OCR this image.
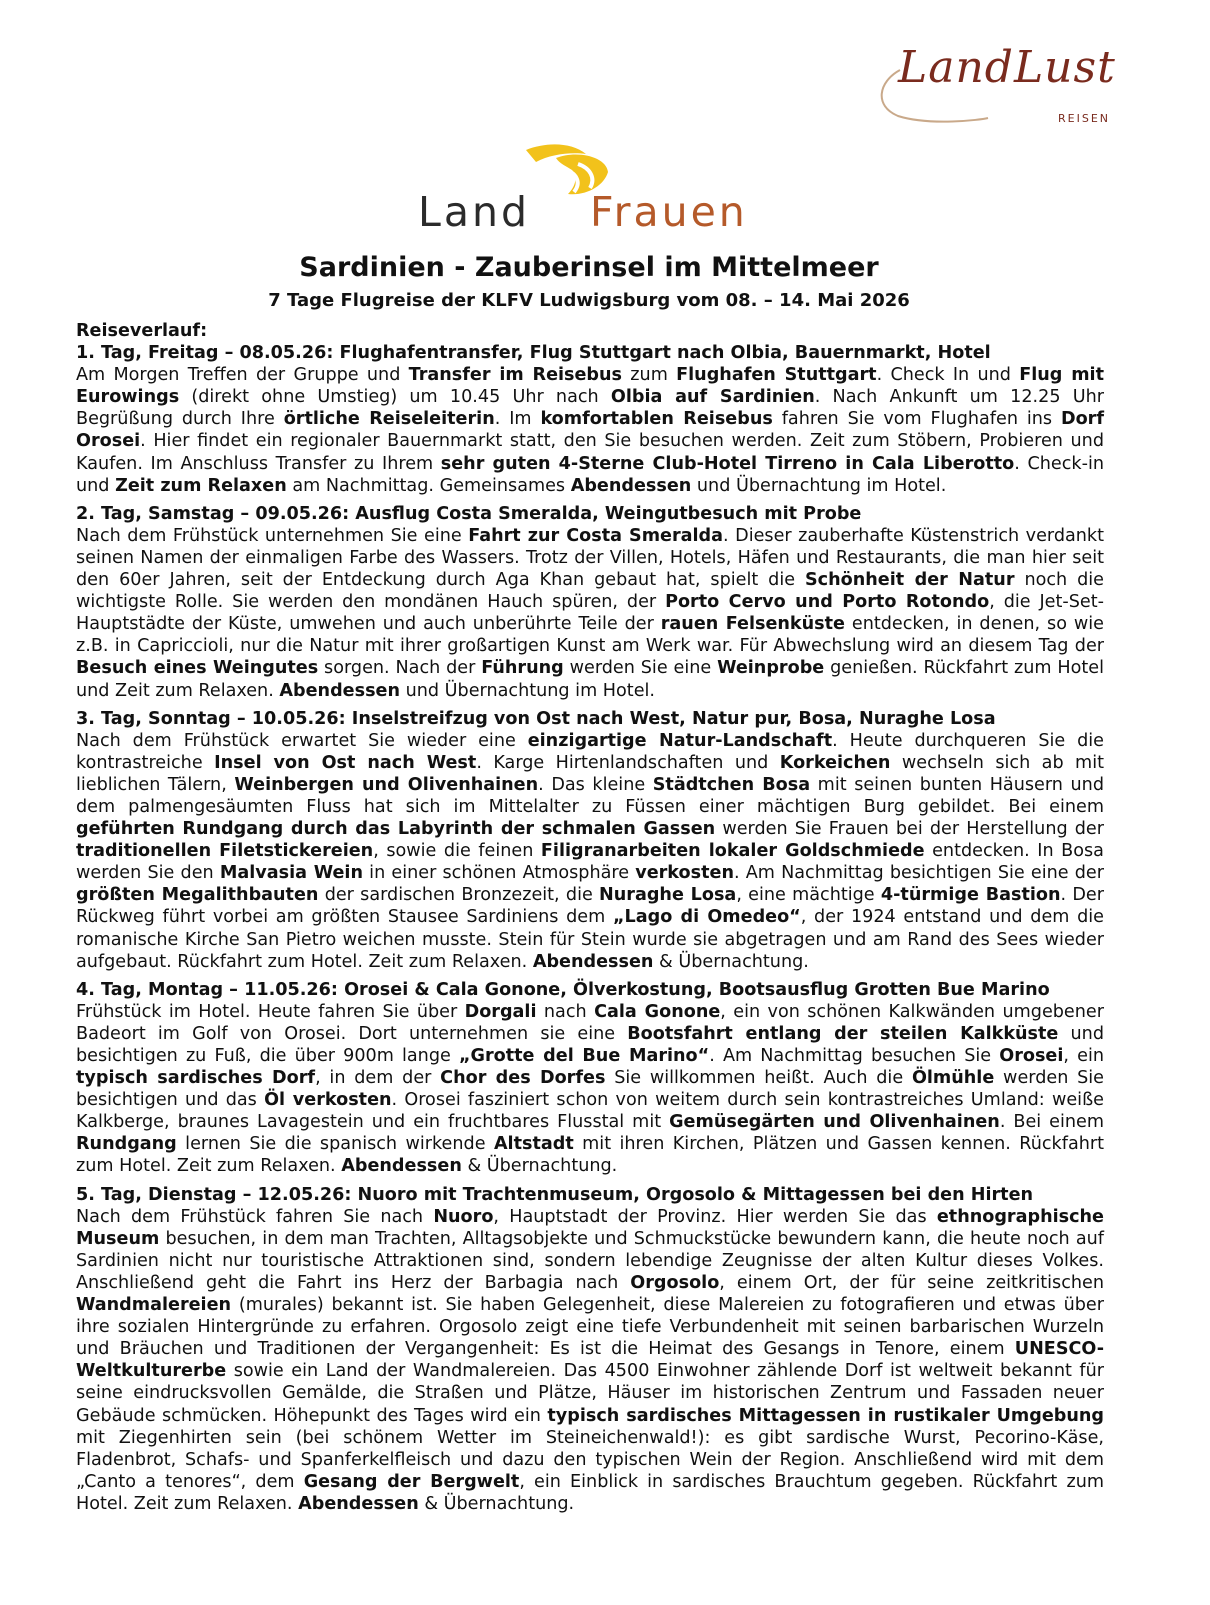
LandLust
REISEN
Land Frauen
Sardinien - Zauberinsel im Mittelmeer
7 Tage Flugreise der KLFV Ludwigsburg vom 08. – 14. Mai 2026

Reiseverlauf:

1. Tag, Freitag – 08.05.26: Flughafentransfer, Flug Stuttgart nach Olbia, Bauernmarkt, Hotel

Am Morgen Treffen der Gruppe und Transfer im Reisebus zum Flughafen Stuttgart. Check In und Flug mit Eurowings (direkt ohne Umstieg) um 10.45 Uhr nach Olbia auf Sardinien. Nach Ankunft um 12.25 Uhr Begrüßung durch Ihre örtliche Reiseleiterin. Im komfortablen Reisebus fahren Sie vom Flughafen ins Dorf Orosei. Hier findet ein regionaler Bauernmarkt statt, den Sie besuchen werden. Zeit zum Stöbern, Probieren und Kaufen. Im Anschluss Transfer zu Ihrem sehr guten 4-Sterne Club-Hotel Tirreno in Cala Liberotto. Check-in und Zeit zum Relaxen am Nachmittag. Gemeinsames Abendessen und Übernachtung im Hotel.

2. Tag, Samstag – 09.05.26: Ausflug Costa Smeralda, Weingutbesuch mit Probe

Nach dem Frühstück unternehmen Sie eine Fahrt zur Costa Smeralda. Dieser zauberhafte Küstenstrich verdankt seinen Namen der einmaligen Farbe des Wassers. Trotz der Villen, Hotels, Häfen und Restaurants, die man hier seit den 60er Jahren, seit der Entdeckung durch Aga Khan gebaut hat, spielt die Schönheit der Natur noch die wichtigste Rolle. Sie werden den mondänen Hauch spüren, der Porto Cervo und Porto Rotondo, die Jet-Set-Hauptstädte der Küste, umwehen und auch unberührte Teile der rauen Felsenküste entdecken, in denen, so wie z.B. in Capriccioli, nur die Natur mit ihrer großartigen Kunst am Werk war. Für Abwechslung wird an diesem Tag der Besuch eines Weingutes sorgen. Nach der Führung werden Sie eine Weinprobe genießen. Rückfahrt zum Hotel und Zeit zum Relaxen. Abendessen und Übernachtung im Hotel.

3. Tag, Sonntag – 10.05.26: Inselstreifzug von Ost nach West, Natur pur, Bosa, Nuraghe Losa

Nach dem Frühstück erwartet Sie wieder eine einzigartige Natur-Landschaft. Heute durchqueren Sie die kontrastreiche Insel von Ost nach West. Karge Hirtenlandschaften und Korkeichen wechseln sich ab mit lieblichen Tälern, Weinbergen und Olivenhainen. Das kleine Städtchen Bosa mit seinen bunten Häusern und dem palmengesäumten Fluss hat sich im Mittelalter zu Füssen einer mächtigen Burg gebildet. Bei einem geführten Rundgang durch das Labyrinth der schmalen Gassen werden Sie Frauen bei der Herstellung der traditionellen Filetstickereien, sowie die feinen Filigranarbeiten lokaler Goldschmiede entdecken. In Bosa werden Sie den Malvasia Wein in einer schönen Atmosphäre verkosten. Am Nachmittag besichtigen Sie eine der größten Megalithbauten der sardischen Bronzezeit, die Nuraghe Losa, eine mächtige 4-türmige Bastion. Der Rückweg führt vorbei am größten Stausee Sardiniens dem „Lago di Omedeo“, der 1924 entstand und dem die romanische Kirche San Pietro weichen musste. Stein für Stein wurde sie abgetragen und am Rand des Sees wieder aufgebaut. Rückfahrt zum Hotel. Zeit zum Relaxen. Abendessen & Übernachtung.

4. Tag, Montag – 11.05.26: Orosei & Cala Gonone, Ölverkostung, Bootsausflug Grotten Bue Marino

Frühstück im Hotel. Heute fahren Sie über Dorgali nach Cala Gonone, ein von schönen Kalkwänden umgebener Badeort im Golf von Orosei. Dort unternehmen sie eine Bootsfahrt entlang der steilen Kalkküste und besichtigen zu Fuß, die über 900m lange „Grotte del Bue Marino“. Am Nachmittag besuchen Sie Orosei, ein typisch sardisches Dorf, in dem der Chor des Dorfes Sie willkommen heißt. Auch die Ölmühle werden Sie besichtigen und das Öl verkosten. Orosei fasziniert schon von weitem durch sein kontrastreiches Umland: weiße Kalkberge, braunes Lavagestein und ein fruchtbares Flusstal mit Gemüsegärten und Olivenhainen. Bei einem Rundgang lernen Sie die spanisch wirkende Altstadt mit ihren Kirchen, Plätzen und Gassen kennen. Rückfahrt zum Hotel. Zeit zum Relaxen. Abendessen & Übernachtung.

5. Tag, Dienstag – 12.05.26: Nuoro mit Trachtenmuseum, Orgosolo & Mittagessen bei den Hirten

Nach dem Frühstück fahren Sie nach Nuoro, Hauptstadt der Provinz. Hier werden Sie das ethnographische Museum besuchen, in dem man Trachten, Alltagsobjekte und Schmuckstücke bewundern kann, die heute noch auf Sardinien nicht nur touristische Attraktionen sind, sondern lebendige Zeugnisse der alten Kultur dieses Volkes. Anschließend geht die Fahrt ins Herz der Barbagia nach Orgosolo, einem Ort, der für seine zeitkritischen Wandmalereien (murales) bekannt ist. Sie haben Gelegenheit, diese Malereien zu fotografieren und etwas über ihre sozialen Hintergründe zu erfahren. Orgosolo zeigt eine tiefe Verbundenheit mit seinen barbarischen Wurzeln und Bräuchen und Traditionen der Vergangenheit: Es ist die Heimat des Gesangs in Tenore, einem UNESCO-Weltkulturerbe sowie ein Land der Wandmalereien. Das 4500 Einwohner zählende Dorf ist weltweit bekannt für seine eindrucksvollen Gemälde, die Straßen und Plätze, Häuser im historischen Zentrum und Fassaden neuer Gebäude schmücken. Höhepunkt des Tages wird ein typisch sardisches Mittagessen in rustikaler Umgebung mit Ziegenhirten sein (bei schönem Wetter im Steineichenwald!): es gibt sardische Wurst, Pecorino-Käse, Fladenbrot, Schafs- und Spanferkelfleisch und dazu den typischen Wein der Region. Anschließend wird mit dem „Canto a tenores“, dem Gesang der Bergwelt, ein Einblick in sardisches Brauchtum gegeben. Rückfahrt zum Hotel. Zeit zum Relaxen. Abendessen & Übernachtung.
